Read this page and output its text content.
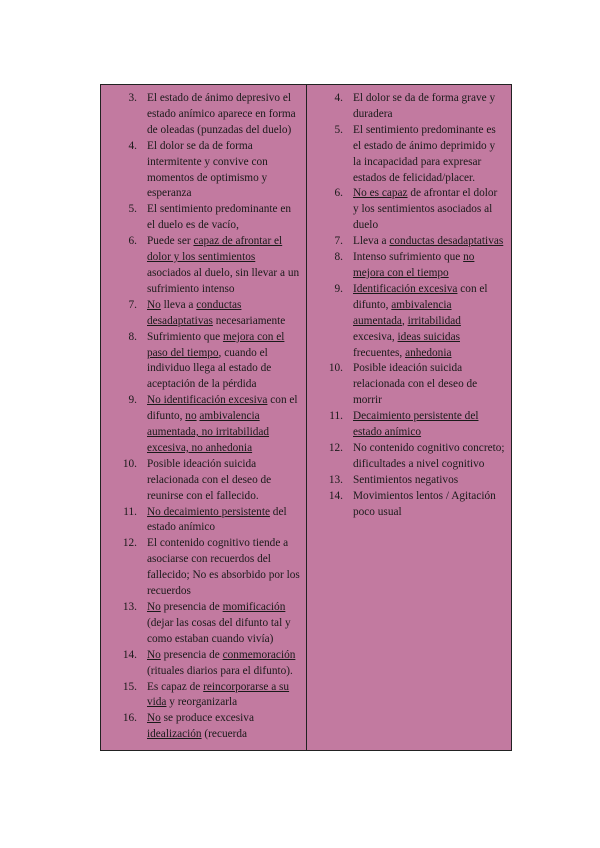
3. El estado de ánimo depresivo el estado anímico aparece en forma de oleadas (punzadas del duelo)
4. El dolor se da de forma intermitente y convive con momentos de optimismo y esperanza
5. El sentimiento predominante en el duelo es de vacío,
6. Puede ser capaz de afrontar el dolor y los sentimientos asociados al duelo, sin llevar a un sufrimiento intenso
7. No lleva a conductas desadaptativas necesariamente
8. Sufrimiento que mejora con el paso del tiempo, cuando el individuo llega al estado de aceptación de la pérdida
9. No identificación excesiva con el difunto, no ambivalencia aumentada, no irritabilidad excesiva, no anhedonia
10. Posible ideación suicida relacionada con el deseo de reunirse con el fallecido.
11. No decaimiento persistente del estado anímico
12. El contenido cognitivo tiende a asociarse con recuerdos del fallecido; No es absorbido por los recuerdos
13. No presencia de momificación (dejar las cosas del difunto tal y como estaban cuando vivía)
14. No presencia de conmemoración (rituales diarios para el difunto).
15. Es capaz de reincorporarse a su vida y reorganizarla
16. No se produce excesiva idealización (recuerda
4. El dolor se da de forma grave y duradera
5. El sentimiento predominante es el estado de ánimo deprimido y la incapacidad para expresar estados de felicidad/placer.
6. No es capaz de afrontar el dolor y los sentimientos asociados al duelo
7. Lleva a conductas desadaptativas
8. Intenso sufrimiento que no mejora con el tiempo
9. Identificación excesiva con el difunto, ambivalencia aumentada, irritabilidad excesiva, ideas suicidas frecuentes, anhedonia
10. Posible ideación suicida relacionada con el deseo de morrir
11. Decaimiento persistente del estado anímico
12. No contenido cognitivo concreto; dificultades a nivel cognitivo
13. Sentimientos negativos
14. Movimientos lentos / Agitación poco usual
